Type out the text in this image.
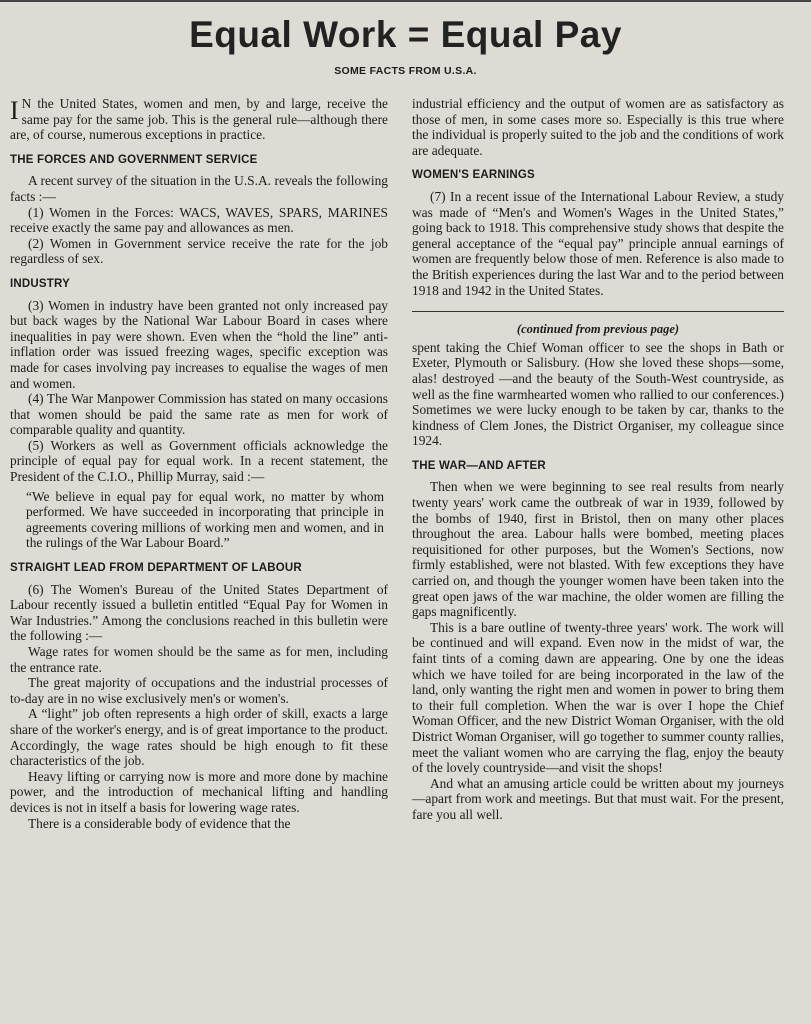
Equal Work = Equal Pay
SOME FACTS FROM U.S.A.

I N the United States, women and men, by and large, receive the same pay for the same job. This is the general rule—although there are, of course, numerous exceptions in practice.

THE FORCES AND GOVERNMENT SERVICE

A recent survey of the situation in the U.S.A. reveals the following facts :—

(1) Women in the Forces: WACS, WAVES, SPARS, MARINES receive exactly the same pay and allowances as men.

(2) Women in Government service receive the rate for the job regardless of sex.

INDUSTRY

(3) Women in industry have been granted not only increased pay but back wages by the National War Labour Board in cases where inequalities in pay were shown. Even when the “hold the line” anti-inflation order was issued freezing wages, specific exception was made for cases involving pay increases to equalise the wages of men and women.

(4) The War Manpower Commission has stated on many occasions that women should be paid the same rate as men for work of comparable quality and quantity.

(5) Workers as well as Government officials acknowledge the principle of equal pay for equal work. In a recent statement, the President of the C.I.O., Phillip Murray, said :—

“We believe in equal pay for equal work, no matter by whom performed. We have succeeded in incorporating that principle in agreements covering millions of working men and women, and in the rulings of the War Labour Board.”
STRAIGHT LEAD FROM DEPARTMENT OF LABOUR

(6) The Women's Bureau of the United States Department of Labour recently issued a bulletin entitled “Equal Pay for Women in War Industries.” Among the conclusions reached in this bulletin were the following :—

Wage rates for women should be the same as for men, including the entrance rate.

The great majority of occupations and the industrial processes of to-day are in no wise exclusively men's or women's.

A “light” job often represents a high order of skill, exacts a large share of the worker's energy, and is of great importance to the product. Accordingly, the wage rates should be high enough to fit these characteristics of the job.

Heavy lifting or carrying now is more and more done by machine power, and the introduction of mechanical lifting and handling devices is not in itself a basis for lowering wage rates.

There is a considerable body of evidence that the

industrial efficiency and the output of women are as satisfactory as those of men, in some cases more so. Especially is this true where the individual is properly suited to the job and the conditions of work are adequate.

WOMEN'S EARNINGS

(7) In a recent issue of the International Labour Review, a study was made of “Men's and Women's Wages in the United States,” going back to 1918. This comprehensive study shows that despite the general acceptance of the “equal pay” principle annual earnings of women are frequently below those of men. Reference is also made to the British experiences during the last War and to the period between 1918 and 1942 in the United States.

(continued from previous page)

spent taking the Chief Woman officer to see the shops in Bath or Exeter, Plymouth or Salisbury. (How she loved these shops—some, alas! destroyed —and the beauty of the South-West countryside, as well as the fine warmhearted women who rallied to our conferences.) Sometimes we were lucky enough to be taken by car, thanks to the kindness of Clem Jones, the District Organiser, my colleague since 1924.

THE WAR—AND AFTER

Then when we were beginning to see real results from nearly twenty years' work came the outbreak of war in 1939, followed by the bombs of 1940, first in Bristol, then on many other places throughout the area. Labour halls were bombed, meeting places requisitioned for other purposes, but the Women's Sections, now firmly established, were not blasted. With few exceptions they have carried on, and though the younger women have been taken into the great open jaws of the war machine, the older women are filling the gaps magnificently.

This is a bare outline of twenty-three years' work. The work will be continued and will expand. Even now in the midst of war, the faint tints of a coming dawn are appearing. One by one the ideas which we have toiled for are being incorporated in the law of the land, only wanting the right men and women in power to bring them to their full completion. When the war is over I hope the Chief Woman Officer, and the new District Woman Organiser, with the old District Woman Organiser, will go together to summer county rallies, meet the valiant women who are carrying the flag, enjoy the beauty of the lovely countryside—and visit the shops!

And what an amusing article could be written about my journeys—apart from work and meetings. But that must wait. For the present, fare you all well.
